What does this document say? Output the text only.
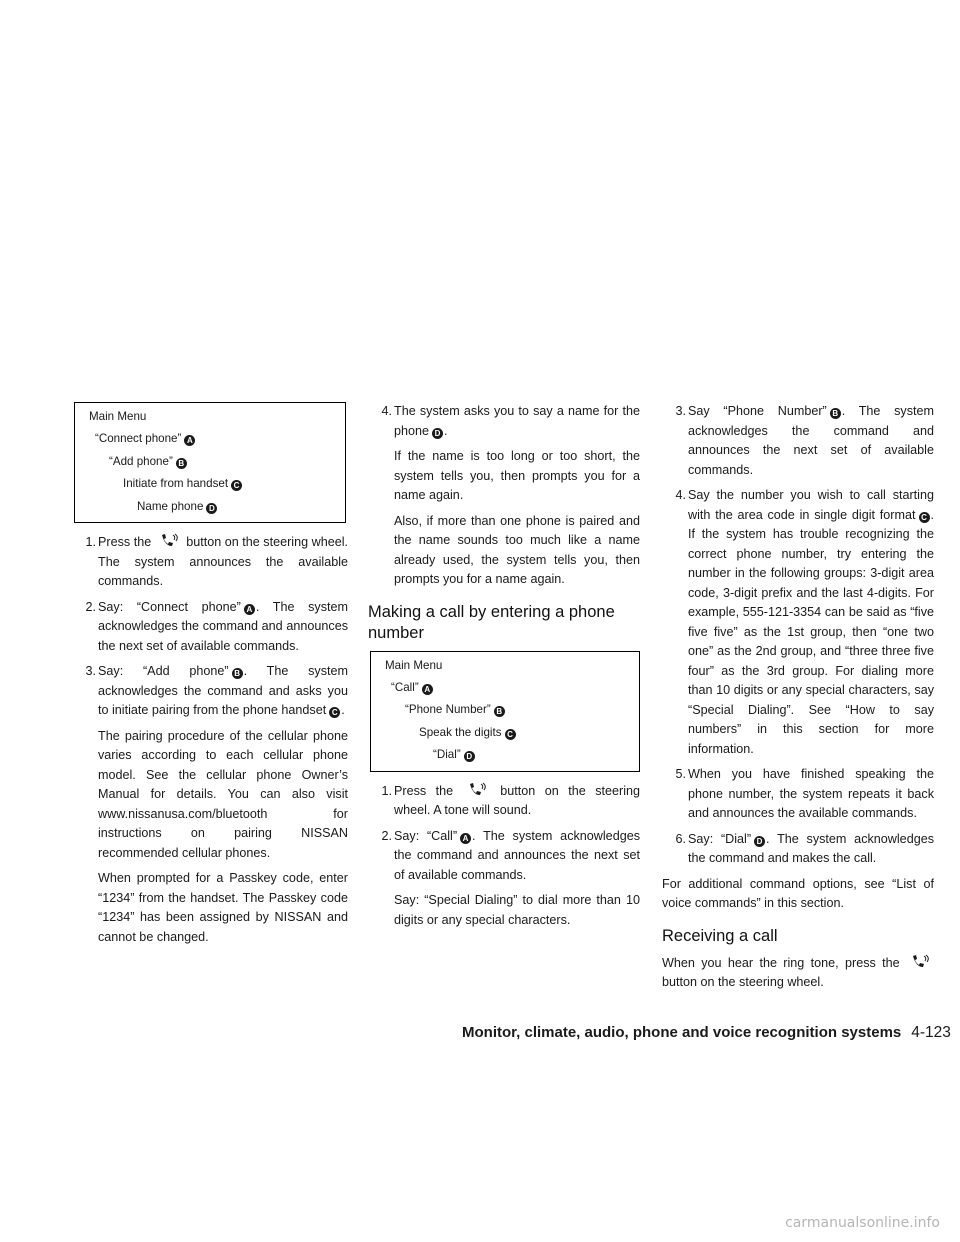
Main Menu
“Connect phone” A
“Add phone” B
Initiate from handset C
Name phone D
1. Press the	button on the steering wheel. The system announces the available commands.
2. Say: “Connect phone” A . The system acknowledges the command and announces the next set of available commands.
3. Say: “Add phone” B . The system acknowledges the command and asks you to initiate pairing from the phone handset C .

The pairing procedure of the cellular phone varies according to each cellular phone model. See the cellular phone Owner’s Manual for details. You can also visit www.nissanusa.com/bluetooth for instructions on pairing NISSAN recommended cellular phones.

When prompted for a Passkey code, enter “1234” from the handset. The Passkey code “1234” has been assigned by NISSAN and cannot be changed.

4. The system asks you to say a name for the phone D .

If the name is too long or too short, the system tells you, then prompts you for a name again.

Also, if more than one phone is paired and the name sounds too much like a name already used, the system tells you, then prompts you for a name again.

Making a call by entering a phone number
Main Menu
“Call” A
“Phone Number” B
Speak the digits C
“Dial” D
1. Press the	button on the steering wheel. A tone will sound.
2. Say: “Call” A . The system acknowledges the command and announces the next set of available commands.

Say: “Special Dialing” to dial more than 10 digits or any special characters.

3. Say “Phone Number” B . The system acknowledges the command and announces the next set of available commands.
4. Say the number you wish to call starting with the area code in single digit format C . If the system has trouble recognizing the correct phone number, try entering the number in the following groups: 3-digit area code, 3-digit prefix and the last 4-digits. For example, 555-121-3354 can be said as “five five five” as the 1st group, then “one two one” as the 2nd group, and “three three five four” as the 3rd group. For dialing more than 10 digits or any special characters, say “Special Dialing”. See “How to say numbers” in this section for more information.
5. When you have finished speaking the phone number, the system repeats it back and announces the available commands.
6. Say: “Dial” D . The system acknowledges the command and makes the call.

For additional command options, see “List of voice commands” in this section.

Receiving a call

When you hear the ring tone, press the  button on the steering wheel.

Monitor, climate, audio, phone and voice recognition systems 4-123
carmanualsonline.info
